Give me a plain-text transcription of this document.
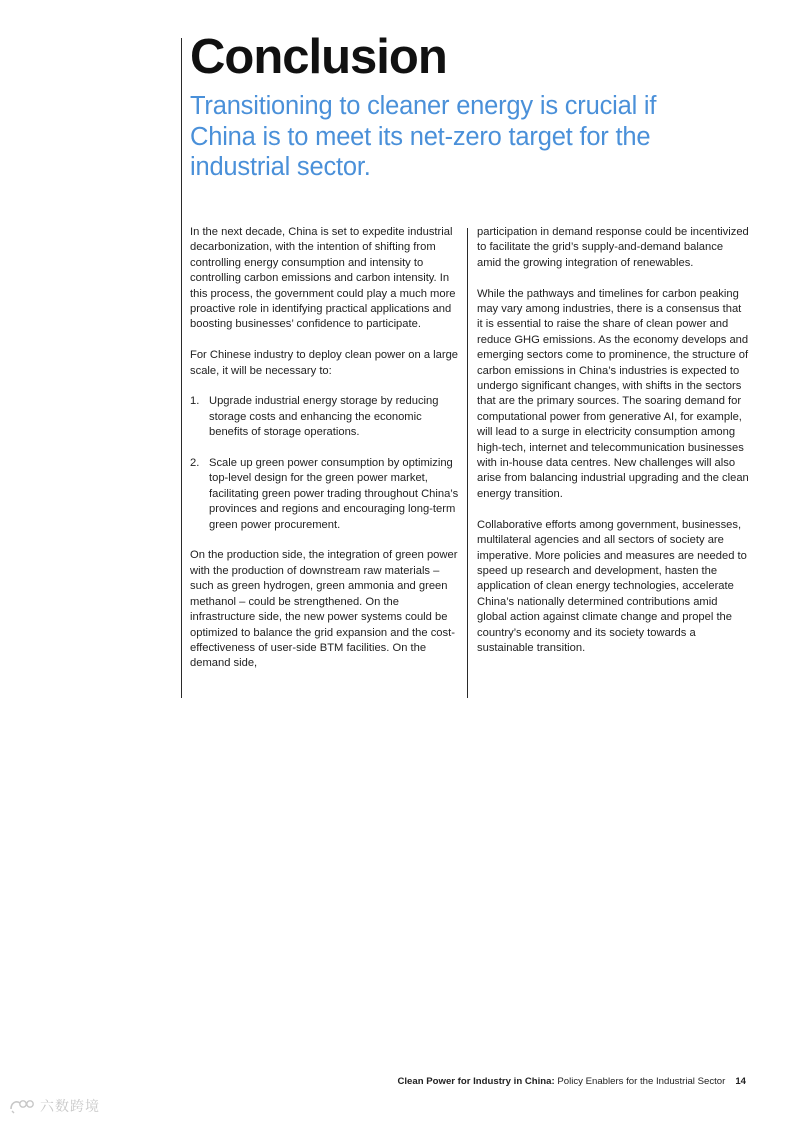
Conclusion
Transitioning to cleaner energy is crucial if China is to meet its net-zero target for the industrial sector.

In the next decade, China is set to expedite industrial decarbonization, with the intention of shifting from controlling energy consumption and intensity to controlling carbon emissions and carbon intensity. In this process, the government could play a much more proactive role in identifying practical applications and boosting businesses’ confidence to participate.

For Chinese industry to deploy clean power on a large scale, it will be necessary to:

1. Upgrade industrial energy storage by reducing storage costs and enhancing the economic benefits of storage operations.
2. Scale up green power consumption by optimizing top-level design for the green power market, facilitating green power trading throughout China’s provinces and regions and encouraging long-term green power procurement.

On the production side, the integration of green power with the production of downstream raw materials – such as green hydrogen, green ammonia and green methanol – could be strengthened. On the infrastructure side, the new power systems could be optimized to balance the grid expansion and the cost-effectiveness of user-side BTM facilities. On the demand side,

participation in demand response could be incentivized to facilitate the grid’s supply-and-demand balance amid the growing integration of renewables.

While the pathways and timelines for carbon peaking may vary among industries, there is a consensus that it is essential to raise the share of clean power and reduce GHG emissions. As the economy develops and emerging sectors come to prominence, the structure of carbon emissions in China’s industries is expected to undergo significant changes, with shifts in the sectors that are the primary sources. The soaring demand for computational power from generative AI, for example, will lead to a surge in electricity consumption among high-tech, internet and telecommunication businesses with in-house data centres. New challenges will also arise from balancing industrial upgrading and the clean energy transition.

Collaborative efforts among government, businesses, multilateral agencies and all sectors of society are imperative. More policies and measures are needed to speed up research and development, hasten the application of clean energy technologies, accelerate China’s nationally determined contributions amid global action against climate change and propel the country’s economy and its society towards a sustainable transition.

Clean Power for Industry in China: Policy Enablers for the Industrial Sector 14
六数跨境
